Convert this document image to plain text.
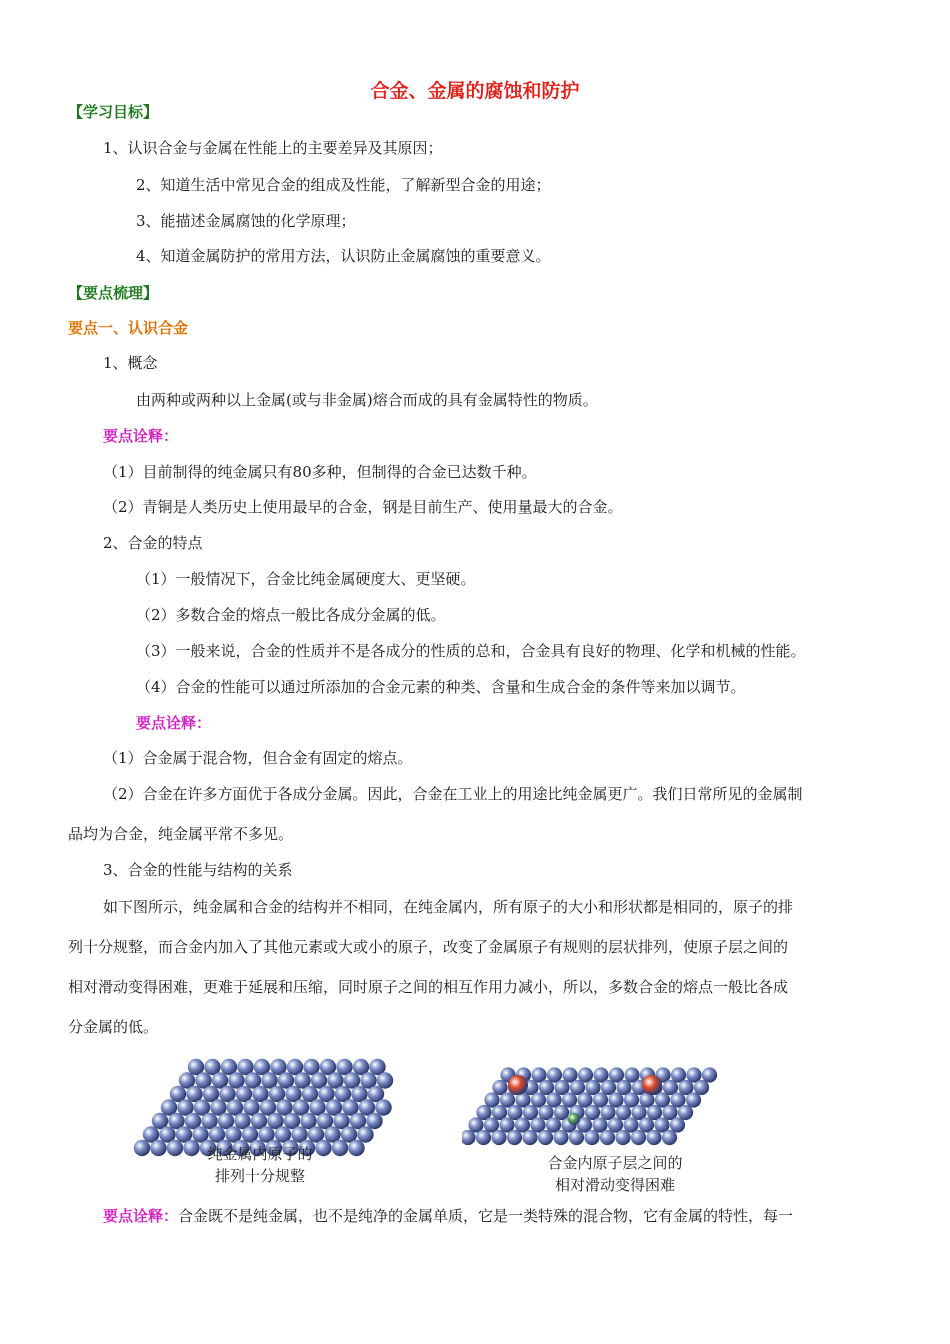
合金、金属的腐蚀和防护
【学习目标】
1、认识合金与金属在性能上的主要差异及其原因；
2、知道生活中常见合金的组成及性能，了解新型合金的用途；
3、能描述金属腐蚀的化学原理；
4、知道金属防护的常用方法，认识防止金属腐蚀的重要意义。
【要点梳理】
要点一、认识合金
1、概念
由两种或两种以上金属(或与非金属)熔合而成的具有金属特性的物质。
要点诠释：
（1）目前制得的纯金属只有80多种，但制得的合金已达数千种。
（2）青铜是人类历史上使用最早的合金，钢是目前生产、使用量最大的合金。
2、合金的特点
（1）一般情况下，合金比纯金属硬度大、更坚硬。
（2）多数合金的熔点一般比各成分金属的低。
（3）一般来说，合金的性质并不是各成分的性质的总和，合金具有良好的物理、化学和机械的性能。
（4）合金的性能可以通过所添加的合金元素的种类、含量和生成合金的条件等来加以调节。
要点诠释：
（1）合金属于混合物，但合金有固定的熔点。
（2）合金在许多方面优于各成分金属。因此，合金在工业上的用途比纯金属更广。我们日常所见的金属制
品均为合金，纯金属平常不多见。
3、合金的性能与结构的关系
如下图所示，纯金属和合金的结构并不相同，在纯金属内，所有原子的大小和形状都是相同的，原子的排
列十分规整，而合金内加入了其他元素或大或小的原子，改变了金属原子有规则的层状排列，使原子层之间的
相对滑动变得困难，更难于延展和压缩，同时原子之间的相互作用力减小，所以，多数合金的熔点一般比各成
分金属的低。
纯金属内原子的
排列十分规整
合金内原子层之间的
相对滑动变得困难
要点诠释：合金既不是纯金属，也不是纯净的金属单质，它是一类特殊的混合物，它有金属的特性，每一
